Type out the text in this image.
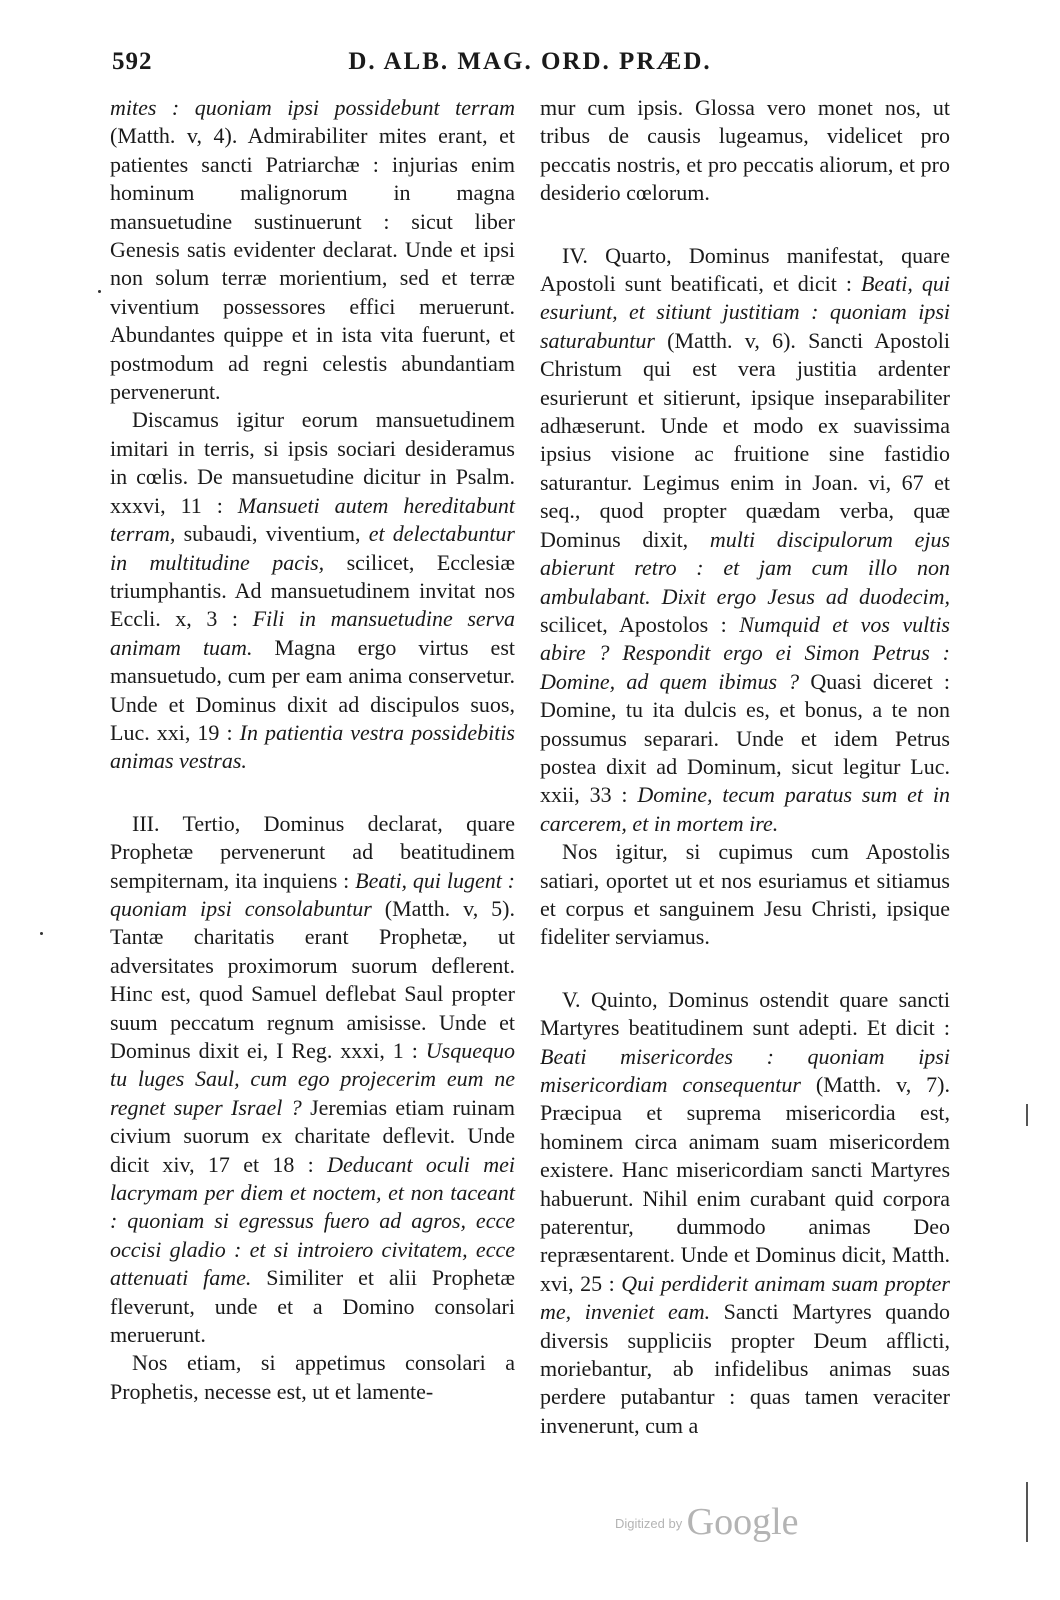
592	D. ALB. MAG. ORD. PRÆD.

mites : quoniam ipsi possidebunt terram (Matth. v, 4). Admirabiliter mites erant, et patientes sancti Patriarchæ : injurias enim hominum malignorum in magna mansuetudine sustinuerunt : sicut liber Genesis satis evidenter declarat. Unde et ipsi non solum terræ morientium, sed et terræ viventium possessores effici meruerunt. Abundantes quippe et in ista vita fuerunt, et postmodum ad regni celestis abundantiam pervenerunt.

Discamus igitur eorum mansuetudinem imitari in terris, si ipsis sociari desideramus in cœlis. De mansuetudine dicitur in Psalm. xxxvi, 11 : Mansueti autem hereditabunt terram, subaudi, viventium, et delectabuntur in multitudine pacis, scilicet, Ecclesiæ triumphantis. Ad mansuetudinem invitat nos Eccli. x, 3 : Fili in mansuetudine serva animam tuam. Magna ergo virtus est mansuetudo, cum per eam anima conservetur. Unde et Dominus dixit ad discipulos suos, Luc. xxi, 19 : In patientia vestra possidebitis animas vestras.

III. Tertio, Dominus declarat, quare Prophetæ pervenerunt ad beatitudinem sempiternam, ita inquiens : Beati, qui lugent : quoniam ipsi consolabuntur (Matth. v, 5). Tantæ charitatis erant Prophetæ, ut adversitates proximorum suorum deflerent. Hinc est, quod Samuel deflebat Saul propter suum peccatum regnum amisisse. Unde et Dominus dixit ei, I Reg. xxxi, 1 : Usquequo tu luges Saul, cum ego projecerim eum ne regnet super Israel ? Jeremias etiam ruinam civium suorum ex charitate deflevit. Unde dicit xiv, 17 et 18 : Deducant oculi mei lacrymam per diem et noctem, et non taceant : quoniam si egressus fuero ad agros, ecce occisi gladio : et si introiero civitatem, ecce attenuati fame. Similiter et alii Prophetæ fleverunt, unde et a Domino consolari meruerunt.

Nos etiam, si appetimus consolari a Prophetis, necesse est, ut et lamente-

mur cum ipsis. Glossa vero monet nos, ut tribus de causis lugeamus, videlicet pro peccatis nostris, et pro peccatis aliorum, et pro desiderio cœlorum.

IV. Quarto, Dominus manifestat, quare Apostoli sunt beatificati, et dicit : Beati, qui esuriunt, et sitiunt justitiam : quoniam ipsi saturabuntur (Matth. v, 6). Sancti Apostoli Christum qui est vera justitia ardenter esurierunt et sitierunt, ipsique inseparabiliter adhæserunt. Unde et modo ex suavissima ipsius visione ac fruitione sine fastidio saturantur. Legimus enim in Joan. vi, 67 et seq., quod propter quædam verba, quæ Dominus dixit, multi discipulorum ejus abierunt retro : et jam cum illo non ambulabant. Dixit ergo Jesus ad duodecim, scilicet, Apostolos : Numquid et vos vultis abire ? Respondit ergo ei Simon Petrus : Domine, ad quem ibimus ? Quasi diceret : Domine, tu ita dulcis es, et bonus, a te non possumus separari. Unde et idem Petrus postea dixit ad Dominum, sicut legitur Luc. xxii, 33 : Domine, tecum paratus sum et in carcerem, et in mortem ire.

Nos igitur, si cupimus cum Apostolis satiari, oportet ut et nos esuriamus et sitiamus et corpus et sanguinem Jesu Christi, ipsique fideliter serviamus.

V. Quinto, Dominus ostendit quare sancti Martyres beatitudinem sunt adepti. Et dicit : Beati misericordes : quoniam ipsi misericordiam consequentur (Matth. v, 7). Præcipua et suprema misericordia est, hominem circa animam suam misericordem existere. Hanc misericordiam sancti Martyres habuerunt. Nihil enim curabant quid corpora paterentur, dummodo animas Deo repræsentarent. Unde et Dominus dicit, Matth. xvi, 25 : Qui perdiderit animam suam propter me, inveniet eam. Sancti Martyres quando diversis suppliciis propter Deum afflicti, moriebantur, ab infidelibus animas suas perdere putabantur : quas tamen veraciter invenerunt, cum a

$^{Digitized by}$ Google
